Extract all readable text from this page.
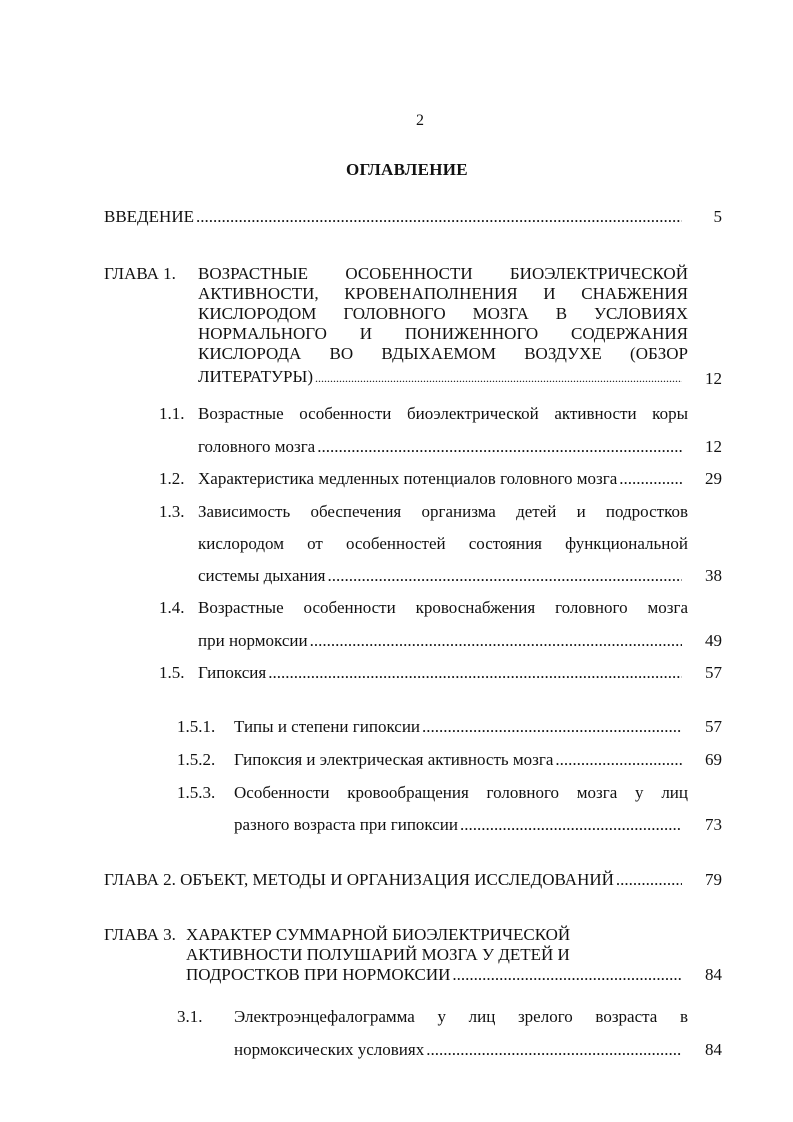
2
ОГЛАВЛЕНИЕ
ВВЕДЕНИЕ .....	5
ГЛАВА 1. ВОЗРАСТНЫЕ ОСОБЕННОСТИ БИОЭЛЕКТРИЧЕСКОЙ
АКТИВНОСТИ, КРОВЕНАПОЛНЕНИЯ И СНАБЖЕНИЯ
КИСЛОРОДОМ ГОЛОВНОГО МОЗГА В УСЛОВИЯХ
НОРМАЛЬНОГО И ПОНИЖЕННОГО СОДЕРЖАНИЯ
КИСЛОРОДА ВО ВДЫХАЕМОМ ВОЗДУХЕ (ОБЗОР
ЛИТЕРАТУРЫ) .....	12
1.1. Возрастные особенности биоэлектрической активности коры
головного мозга .....	12
1.2. Характеристика медленных потенциалов головного мозга .....	29
1.3. Зависимость обеспечения организма детей и подростков
кислородом от особенностей состояния функциональной
системы дыхания .....	38
1.4. Возрастные особенности кровоснабжения головного мозга
при нормоксии .....	49
1.5. Гипоксия .....	57
1.5.1. Типы и степени гипоксии .....	57
1.5.2. Гипоксия и электрическая активность мозга .....	69
1.5.3. Особенности кровообращения головного мозга у лиц
разного возраста при гипоксии .....	73
ГЛАВА 2. ОБЪЕКТ, МЕТОДЫ И ОРГАНИЗАЦИЯ ИССЛЕДОВАНИЙ .....	79
ГЛАВА 3. ХАРАКТЕР СУММАРНОЙ БИОЭЛЕКТРИЧЕСКОЙ
АКТИВНОСТИ ПОЛУШАРИЙ МОЗГА У ДЕТЕЙ И
ПОДРОСТКОВ ПРИ НОРМОКСИИ .....	84
3.1. Электроэнцефалограмма у лиц зрелого возраста в
нормоксических условиях .....	84
